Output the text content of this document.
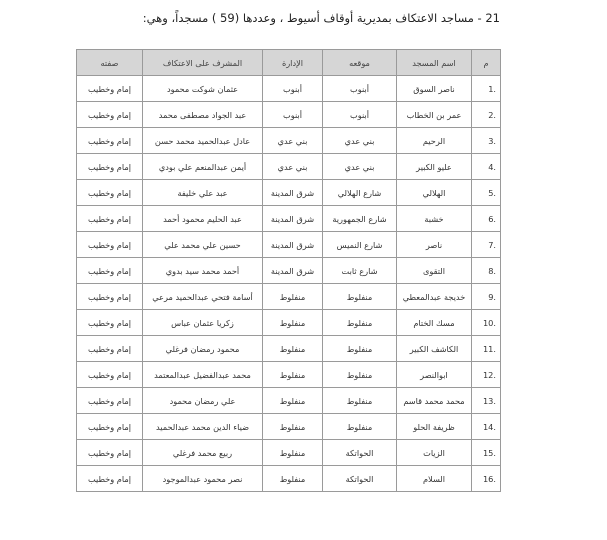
21 - مساجد الاعتكاف بمديرية أوقاف أسيوط ، وعددها (59 ) مسجداً، وهي:
م	اسم المسجد	موقعه	الإدارة	المشرف على الاعتكاف	صفته
1.	ناصر السوق	أبنوب	أبنوب	عثمان شوكت محمود	إمام وخطيب
2.	عمر بن الخطاب	أبنوب	أبنوب	عبد الجواد مصطفى محمد	إمام وخطيب
3.	الرحيم	بني عدي	بني عدي	عادل عبدالحميد محمد حسن	إمام وخطيب
4.	عليو الكبير	بني عدي	بني عدي	أيمن عبدالمنعم علي بودي	إمام وخطيب
5.	الهلالي	شارع الهلالي	شرق المدينة	عبد علي خليفة	إمام وخطيب
6.	خشبة	شارع الجمهورية	شرق المدينة	عبد الحليم محمود أحمد	إمام وخطيب
7.	ناصر	شارع النميس	شرق المدينة	حسين علي محمد علي	إمام وخطيب
8.	التقوى	شارع ثابت	شرق المدينة	أحمد محمد سيد بدوي	إمام وخطيب
9.	خديجة عبدالمعطي	منفلوط	منفلوط	أسامة فتحي عبدالحميد مرعي	إمام وخطيب
10.	مسك الختام	منفلوط	منفلوط	زكريا عثمان عباس	إمام وخطيب
11.	الكاشف الكبير	منفلوط	منفلوط	محمود رمضان فرغلي	إمام وخطيب
12.	ابوالنصر	منفلوط	منفلوط	محمد عبدالفضيل عبدالمعتمد	إمام وخطيب
13.	محمد محمد قاسم	منفلوط	منفلوط	علي رمضان محمود	إمام وخطيب
14.	ظريفة الحلو	منفلوط	منفلوط	ضياء الدين محمد عبدالحميد	إمام وخطيب
15.	الزيات	الحواتكة	منفلوط	ربيع محمد فرغلي	إمام وخطيب
16.	السلام	الحواتكة	منفلوط	نصر محمود عبدالموجود	إمام وخطيب
